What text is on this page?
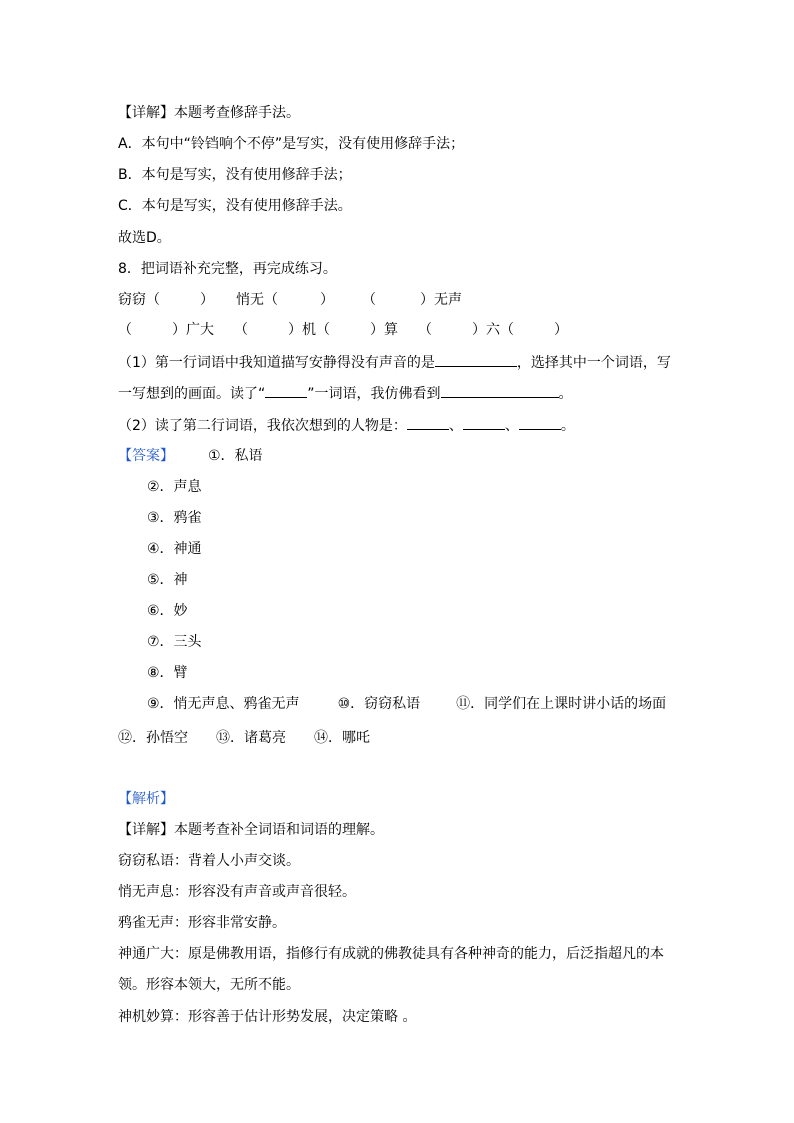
【详解】本题考查修辞手法。
A．本句中“铃铛响个不停”是写实，没有使用修辞手法；
B．本句是写实，没有使用修辞手法；
C．本句是写实，没有使用修辞手法。
故选D。
8．把词语补充完整，再完成练习。
窃窃（	） 悄无（	） （	）无声
（	）广大 （	）机（	）算 （	）六（	）
（1）第一行词语中我知道描写安静得没有声音的是	，选择其中一个词语，写
一写想到的画面。读了“	”一词语，我仿佛看到	。
（2）读了第二行词语，我依次想到的人物是：	、	、	。
【答案】 ①．私语
②．声息
③．鸦雀
④．神通
⑤．神
⑥．妙
⑦．三头
⑧．臂
⑨．悄无声息、鸦雀无声	⑩．窃窃私语	⑪．同学们在上课时讲小话的场面
⑫．孙悟空 ⑬．诸葛亮 ⑭．哪吒
【解析】
【详解】本题考查补全词语和词语的理解。
窃窃私语：背着人小声交谈。
悄无声息：形容没有声音或声音很轻。
鸦雀无声：形容非常安静。
神通广大：原是佛教用语，指修行有成就的佛教徒具有各种神奇的能力，后泛指超凡的本
领。形容本领大，无所不能。
神机妙算：形容善于估计形势发展，决定策略 。
